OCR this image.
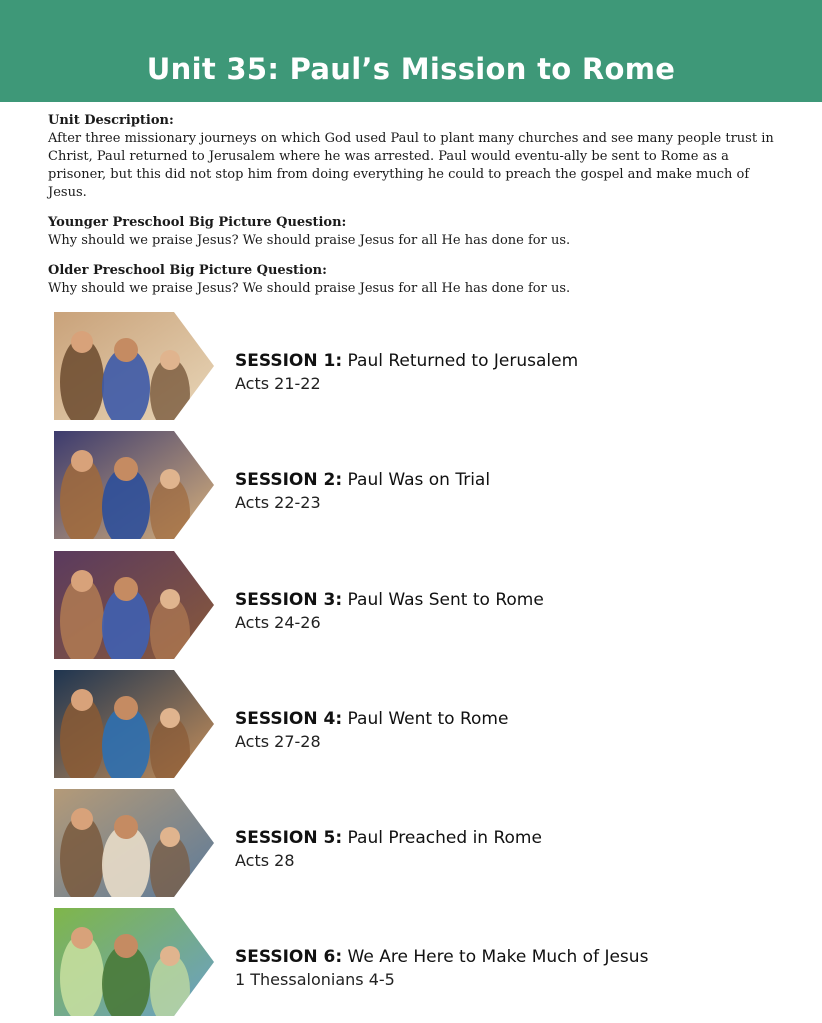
Unit 35: Paul’s Mission to Rome

Unit Description:

After three missionary journeys on which God used Paul to plant many churches and see many people trust in Christ, Paul returned to Jerusalem where he was arrested. Paul would eventu-ally be sent to Rome as a prisoner, but this did not stop him from doing everything he could to preach the gospel and make much of Jesus.

Younger Preschool Big Picture Question:

Why should we praise Jesus? We should praise Jesus for all He has done for us.

Older Preschool Big Picture Question:

Why should we praise Jesus? We should praise Jesus for all He has done for us.

SESSION 1: Paul Returned to Jerusalem
Acts 21-22
SESSION 2: Paul Was on Trial
Acts 22-23
SESSION 3: Paul Was Sent to Rome
Acts 24-26
SESSION 4: Paul Went to Rome
Acts 27-28
SESSION 5: Paul Preached in Rome
Acts 28
SESSION 6: We Are Here to Make Much of Jesus
1 Thessalonians 4-5
